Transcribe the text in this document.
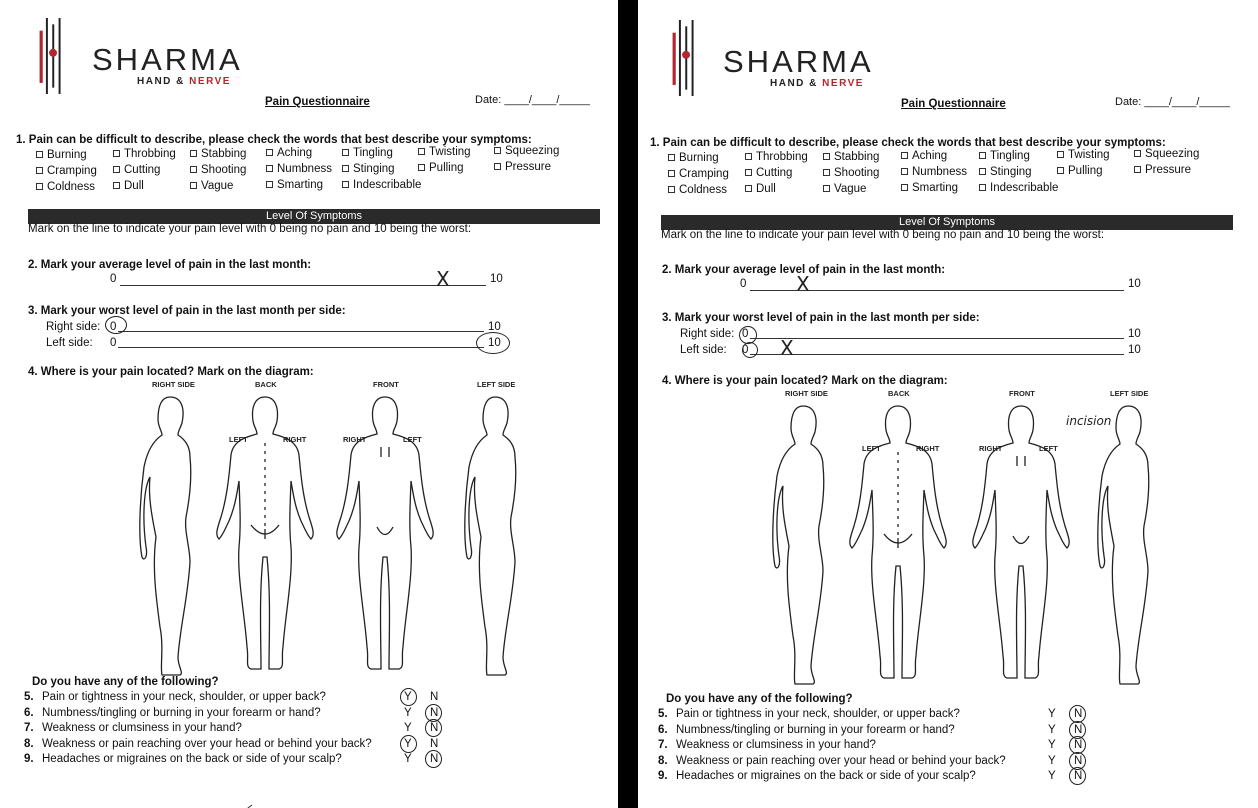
SHARMA
HAND & NERVE
Pain Questionnaire	Date: ____/____/_____
1. Pain can be difficult to describe, please check the words that best describe your symptoms:
Burning	Throbbing	Stabbing	Aching	Tingling	Twisting	Squeezing
Cramping	Cutting	Shooting	Numbness	Stinging	Pulling	Pressure
Coldness	Dull	Vague	Smarting	Indescribable
Level Of Symptoms
Mark on the line to indicate your pain level with 0 being no pain and 10 being the worst:
2. Mark your average level of pain in the last month:
0	10
X
3. Mark your worst level of pain in the last month per side:
Right side:
Left side:
0	10
0	10
4. Where is your pain located? Mark on the diagram:
RIGHT SIDE	BACK	FRONT	LEFT SIDE
LEFT	RIGHT	RIGHT	LEFT
Do you have any of the following?
5. Pain or tightness in your neck, shoulder, or upper back?	Y N
6. Numbness/tingling or burning in your forearm or hand?	Y N
7. Weakness or clumsiness in your hand?	Y N
8. Weakness or pain reaching over your head or behind your back?	Y N
9. Headaches or migraines on the back or side of your scalp?	Y N
SHARMA
HAND & NERVE
Pain Questionnaire	Date: ____/____/_____
1. Pain can be difficult to describe, please check the words that best describe your symptoms:
Burning	Throbbing	Stabbing	Aching	Tingling	Twisting	Squeezing
Cramping	Cutting	Shooting	Numbness	Stinging	Pulling	Pressure
Coldness	Dull	Vague	Smarting	Indescribable
Level Of Symptoms
Mark on the line to indicate your pain level with 0 being no pain and 10 being the worst:
2. Mark your average level of pain in the last month:
0	10
X
3. Mark your worst level of pain in the last month per side:
Right side:
Left side:
0	10
0	10
X
4. Where is your pain located? Mark on the diagram:
RIGHT SIDE	BACK	FRONT	LEFT SIDE
LEFT	RIGHT	RIGHT	LEFT
incision
Do you have any of the following?
5. Pain or tightness in your neck, shoulder, or upper back?	Y N
6. Numbness/tingling or burning in your forearm or hand?	Y N
7. Weakness or clumsiness in your hand?	Y N
8. Weakness or pain reaching over your head or behind your back?	Y N
9. Headaches or migraines on the back or side of your scalp?	Y N
